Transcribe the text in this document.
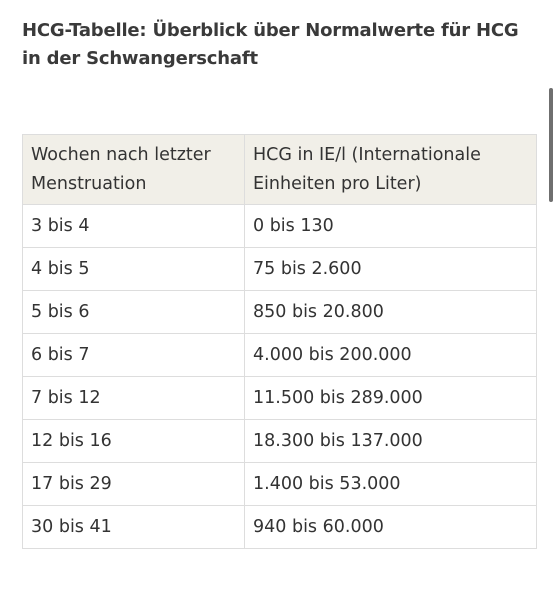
HCG-Tabelle: Überblick über Normalwerte für HCG in der Schwangerschaft
Wochen nach letzter Menstruation	HCG in IE/l (Internationale Einheiten pro Liter)
3 bis 4	0 bis 130
4 bis 5	75 bis 2.600
5 bis 6	850 bis 20.800
6 bis 7	4.000 bis 200.000
7 bis 12	11.500 bis 289.000
12 bis 16	18.300 bis 137.000
17 bis 29	1.400 bis 53.000
30 bis 41	940 bis 60.000
